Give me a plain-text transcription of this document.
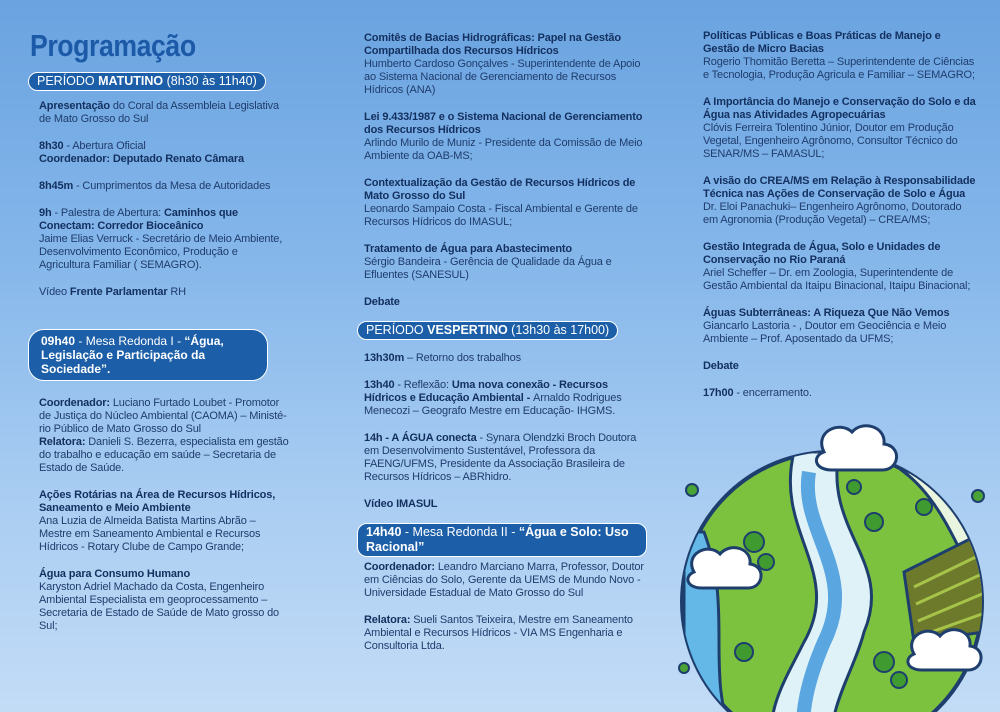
Programação
PERÍODO MATUTINO (8h30 às 11h40)

Apresentação do Coral da Assembleia Legislativa de Mato Grosso do Sul

8h30 - Abertura Oficial
Coordenador: Deputado Renato Câmara

8h45m - Cumprimentos da Mesa de Autoridades

9h - Palestra de Abertura: Caminhos que Conectam: Corredor Bioceânico
Jaime Elias Verruck - Secretário de Meio Ambiente, Desenvolvimento Econômico, Produção e Agricultura Familiar ( SEMAGRO).

Vídeo Frente Parlamentar RH

09h40 - Mesa Redonda I - “Água, Legislação e Participação da Sociedade”.

Coordenador: Luciano Furtado Loubet - Promotor de Justiça do Núcleo Ambiental (CAOMA) – Ministé-rio Público de Mato Grosso do Sul
Relatora: Danieli S. Bezerra, especialista em gestão do trabalho e educação em saúde – Secretaria de Estado de Saúde.

Ações Rotárias na Área de Recursos Hídricos, Saneamento e Meio Ambiente
Ana Luzia de Almeida Batista Martins Abrão – Mestre em Saneamento Ambiental e Recursos Hídricos - Rotary Clube de Campo Grande;

Água para Consumo Humano
Karyston Adriel Machado da Costa, Engenheiro Ambiental Especialista em geoprocessamento – Secretaria de Estado de Saúde de Mato grosso do Sul;

Comitês de Bacias Hidrográficas: Papel na Gestão Compartilhada dos Recursos Hídricos
Humberto Cardoso Gonçalves - Superintendente de Apoio ao Sistema Nacional de Gerenciamento de Recursos Hídricos (ANA)

Lei 9.433/1987 e o Sistema Nacional de Gerenciamento dos Recursos Hídricos
Arlindo Murilo de Muniz - Presidente da Comissão de Meio Ambiente da OAB-MS;

Contextualização da Gestão de Recursos Hídricos de Mato Grosso do Sul
Leonardo Sampaio Costa - Fiscal Ambiental e Gerente de Recursos Hídricos do IMASUL;

Tratamento de Água para Abastecimento
Sérgio Bandeira - Gerência de Qualidade da Água e Efluentes (SANESUL)

Debate

PERÍODO VESPERTINO (13h30 às 17h00)

13h30m – Retorno dos trabalhos

13h40 - Reflexão: Uma nova conexão - Recursos Hídricos e Educação Ambiental - Arnaldo Rodrigues Menecozi – Geografo Mestre em Educação- IHGMS.

14h - A ÁGUA conecta - Synara Olendzki Broch Doutora em Desenvolvimento Sustentável, Professora da FAENG/UFMS, Presidente da Associação Brasileira de Recursos Hídricos – ABRhidro.

Vídeo IMASUL

14h40 - Mesa Redonda II - “Água e Solo: Uso Racional”

Coordenador: Leandro Marciano Marra, Professor, Doutor em Ciências do Solo, Gerente da UEMS de Mundo Novo - Universidade Estadual de Mato Grosso do Sul

Relatora: Sueli Santos Teixeira, Mestre em Saneamento Ambiental e Recursos Hídricos - VIA MS Engenharia e Consultoria Ltda.

Políticas Públicas e Boas Práticas de Manejo e Gestão de Micro Bacias
Rogerio Thomitão Beretta – Superintendente de Ciências e Tecnologia, Produção Agricula e Familiar – SEMAGRO;

A Importância do Manejo e Conservação do Solo e da Água nas Atividades Agropecuárias
Clóvis Ferreira Tolentino Júnior, Doutor em Produção Vegetal, Engenheiro Agrônomo, Consultor Técnico do SENAR/MS – FAMASUL;

A visão do CREA/MS em Relação à Responsabilidade Técnica nas Ações de Conservação de Solo e Água
Dr. Eloi Panachuki– Engenheiro Agrônomo, Doutorado em Agronomia (Produção Vegetal) – CREA/MS;

Gestão Integrada de Água, Solo e Unidades de Conservação no Rio Paraná
Ariel Scheffer – Dr. em Zoologia, Superintendente de Gestão Ambiental da Itaipu Binacional, Itaipu Binacional;

Águas Subterrâneas: A Riqueza Que Não Vemos
Giancarlo Lastoria - , Doutor em Geociência e Meio Ambiente – Prof. Aposentado da UFMS;

Debate

17h00 - encerramento.
